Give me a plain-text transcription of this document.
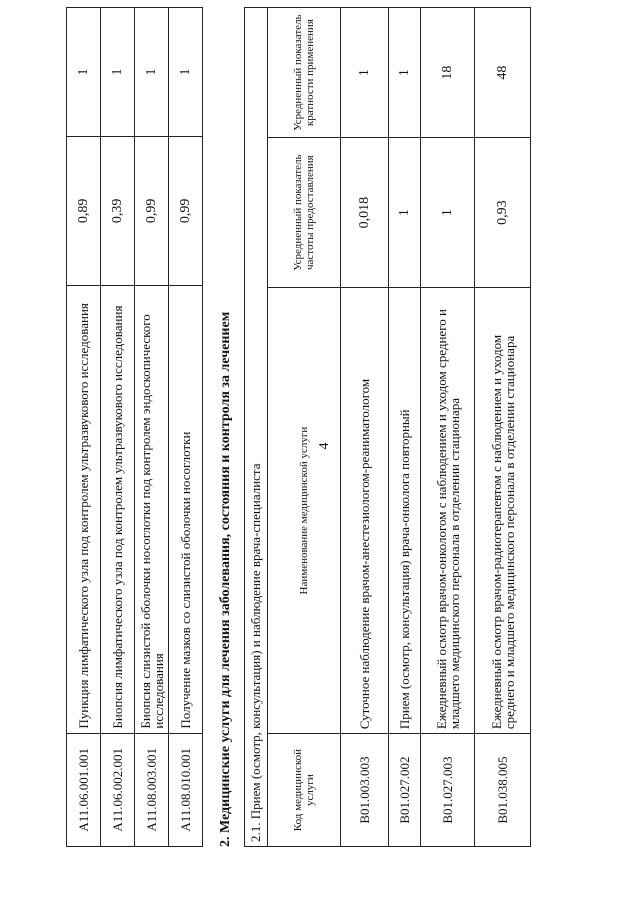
4
A11.06.001.001	Пункция лимфатического узла под контролем ультразвукового исследования	0,89	1
A11.06.002.001	Биопсия лимфатического узла под контролем ультразвукового исследования	0,39	1
A11.08.003.001	Биопсия слизистой оболочки носоглотки под контролем эндоскопического исследования	0,99	1
A11.08.010.001	Получение мазков со слизистой оболочки носоглотки	0,99	1
2. Медицинские услуги для лечения заболевания, состояния и контроля за лечением 2.1. Прием (осмотр, консультация) и наблюдение врача-специалиста			
Код медицинской услуги	Наименование медицинской услуги	Усредненный показатель частоты предоставления	Усредненный показатель кратности применения
B01.003.003	Суточное наблюдение врачом-анестезиологом-реаниматологом	0,018	1
B01.027.002	Прием (осмотр, консультация) врача-онколога повторный	1	1
B01.027.003	Ежедневный осмотр врачом-онкологом с наблюдением и уходом среднего и младшего медицинского персонала в отделении стационара	1	18
B01.038.005	Ежедневный осмотр врачом-радиотерапевтом с наблюдением и уходом среднего и младшего медицинского персонала в отделении стационара	0,93	48
